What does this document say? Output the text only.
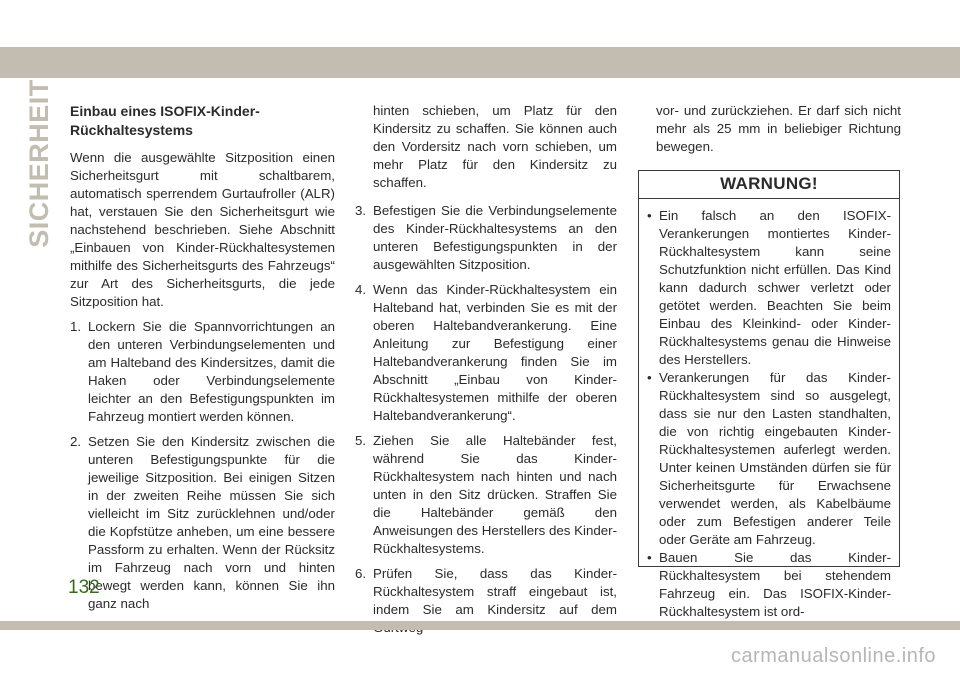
SICHERHEIT Einbau eines ISOFIX-Kinder-Rückhaltesystems

Wenn die ausgewählte Sitzposition einen Sicherheitsgurt mit schaltbarem, automatisch sperrendem Gurtaufroller (ALR) hat, verstauen Sie den Sicherheitsgurt wie nachstehend beschrieben. Siehe Abschnitt „Einbauen von Kinder-Rückhaltesystemen mithilfe des Sicherheitsgurts des Fahrzeugs“ zur Art des Sicherheitsgurts, die jede Sitzposition hat.

1. Lockern Sie die Spannvorrichtungen an den unteren Verbindungselementen und am Halteband des Kindersitzes, damit die Haken oder Verbindungselemente leichter an den Befestigungspunkten im Fahrzeug montiert werden können.
2. Setzen Sie den Kindersitz zwischen die unteren Befestigungspunkte für die jeweilige Sitzposition. Bei einigen Sitzen in der zweiten Reihe müssen Sie sich vielleicht im Sitz zurücklehnen und/oder die Kopfstütze anheben, um eine bessere Passform zu erhalten. Wenn der Rücksitz im Fahrzeug nach vorn und hinten bewegt werden kann, können Sie ihn ganz nach
hinten schieben, um Platz für den Kindersitz zu schaffen. Sie können auch den Vordersitz nach vorn schieben, um mehr Platz für den Kindersitz zu schaffen.
3. Befestigen Sie die Verbindungselemente des Kinder-Rückhaltesystems an den unteren Befestigungspunkten in der ausgewählten Sitzposition.
4. Wenn das Kinder-Rückhaltesystem ein Halteband hat, verbinden Sie es mit der oberen Haltebandverankerung. Eine Anleitung zur Befestigung einer Haltebandverankerung finden Sie im Abschnitt „Einbau von Kinder-Rückhaltesystemen mithilfe der oberen Haltebandverankerung“.
5. Ziehen Sie alle Haltebänder fest, während Sie das Kinder-Rückhaltesystem nach hinten und nach unten in den Sitz drücken. Straffen Sie die Haltebänder gemäß den Anweisungen des Herstellers des Kinder-Rückhaltesystems.
6. Prüfen Sie, dass das Kinder-Rückhaltesystem straff eingebaut ist, indem Sie am Kindersitz auf dem
vor- und zurückziehen. Er darf sich nicht mehr als 25 mm in beliebiger Richtung bewegen.
WARNUNG!
• Ein falsch an den ISOFIX-Verankerungen montiertes Kinder-Rückhaltesystem kann seine Schutzfunktion nicht erfüllen. Das Kind kann dadurch schwer verletzt oder getötet werden. Beachten Sie beim Einbau des Kleinkind- oder Kinder-Rückhaltesystems genau die Hinweise des Herstellers.
• Verankerungen für das Kinder-Rückhaltesystem sind so ausgelegt, dass sie nur den Lasten standhalten, die von richtig eingebauten Kinder-Rückhaltesystemen auferlegt werden. Unter keinen Umständen dürfen sie für Sicherheitsgurte für Erwachsene verwendet werden, als Kabelbäume oder zum Befestigen anderer Teile oder Geräte am Fahrzeug.
• Bauen Sie das Kinder-Rückhaltesystem bei stehendem Fahrzeug ein. Das ISOFIX-Kinder-Rückhaltesystem ist ord-
132
carmanualsonline.info
